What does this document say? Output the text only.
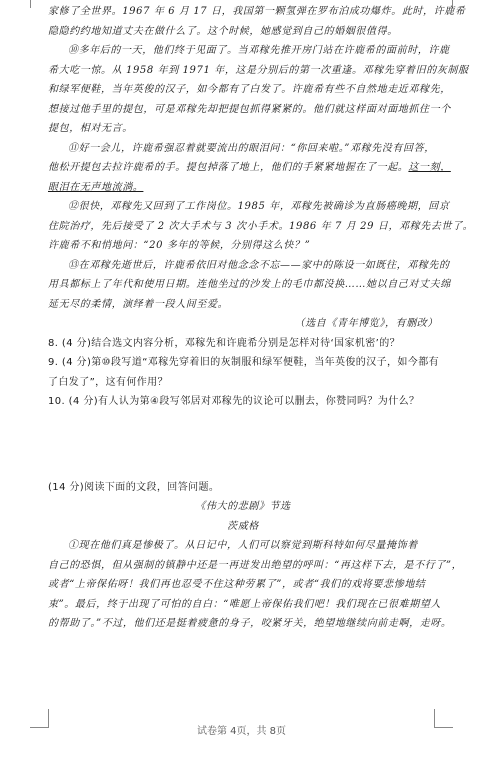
家修了全世界。1967 年 6 月 17 日，我国第一颗氢弹在罗布泊成功爆炸。此时，许鹿希
隐隐约约地知道丈夫在做什么了。这个时候，她感觉到自己的婚姻很值得。
⑩多年后的一天，他们终于见面了。当邓稼先推开房门站在许鹿希的面前时，许鹿
希大吃一惊。从 1958 年到 1971 年，这是分别后的第一次重逢。邓稼先穿着旧的灰制服
和绿军便鞋，当年英俊的汉子，如今都有了白发了。许鹿希有些不自然地走近邓稼先，
想接过他手里的提包，可是邓稼先却把提包抓得紧紧的。他们就这样面对面地抓住一个
提包，相对无言。
⑪好一会儿，许鹿希强忍着就要流出的眼泪问：“你回来啦。”邓稼先没有回答，
他松开提包去拉许鹿希的手。提包掉落了地上，他们的手紧紧地握在了一起。这一刻，
眼泪在无声地流淌。
⑫很快，邓稼先又回到了工作岗位。1985 年，邓稼先被确诊为直肠癌晚期，回京
住院治疗，先后接受了 2 次大手术与 3 次小手术。1986 年 7 月 29 日，邓稼先去世了。
许鹿希不和悄地问：“20 多年的等候，分别得这么快？”
⑬在邓稼先逝世后，许鹿希依旧对他念念不忘——家中的陈设一如既往，邓稼先的
用具都标上了年代和使用日期。连他坐过的沙发上的毛巾都没换……她以自己对丈夫绵
延无尽的柔情，演绎着一段人间至爱。
（选自《青年博览》，有删改）
8. (4 分)结合选文内容分析，邓稼先和许鹿希分别是怎样对待‘国家机密’的？
9. (4 分)第⑩段写道“邓稼先穿着旧的灰制服和绿军便鞋，当年英俊的汉子，如今都有
了白发了”，这有何作用？
10. (4 分)有人认为第④段写邻居对邓稼先的议论可以删去，你赞同吗？为什么？
(14 分)阅读下面的文段，回答问题。
《伟大的悲剧》节选
茨威格
①现在他们真是惨极了。从日记中，人们可以察觉到斯科特如何尽量掩饰着
自己的恐惧，但从强制的镇静中还是一再迸发出绝望的呼叫：“再这样下去，是不行了”，
或者“上帝保佑呀！我们再也忍受不住这种劳累了”，或者“我们的戏将要悲惨地结
束”。最后，终于出现了可怕的自白：“唯愿上帝保佑我们吧！我们现在已很难期望人
的帮助了。”不过，他们还是挺着疲惫的身子，咬紧牙关，绝望地继续向前走啊，走呀。
试卷第 4页，共 8页
